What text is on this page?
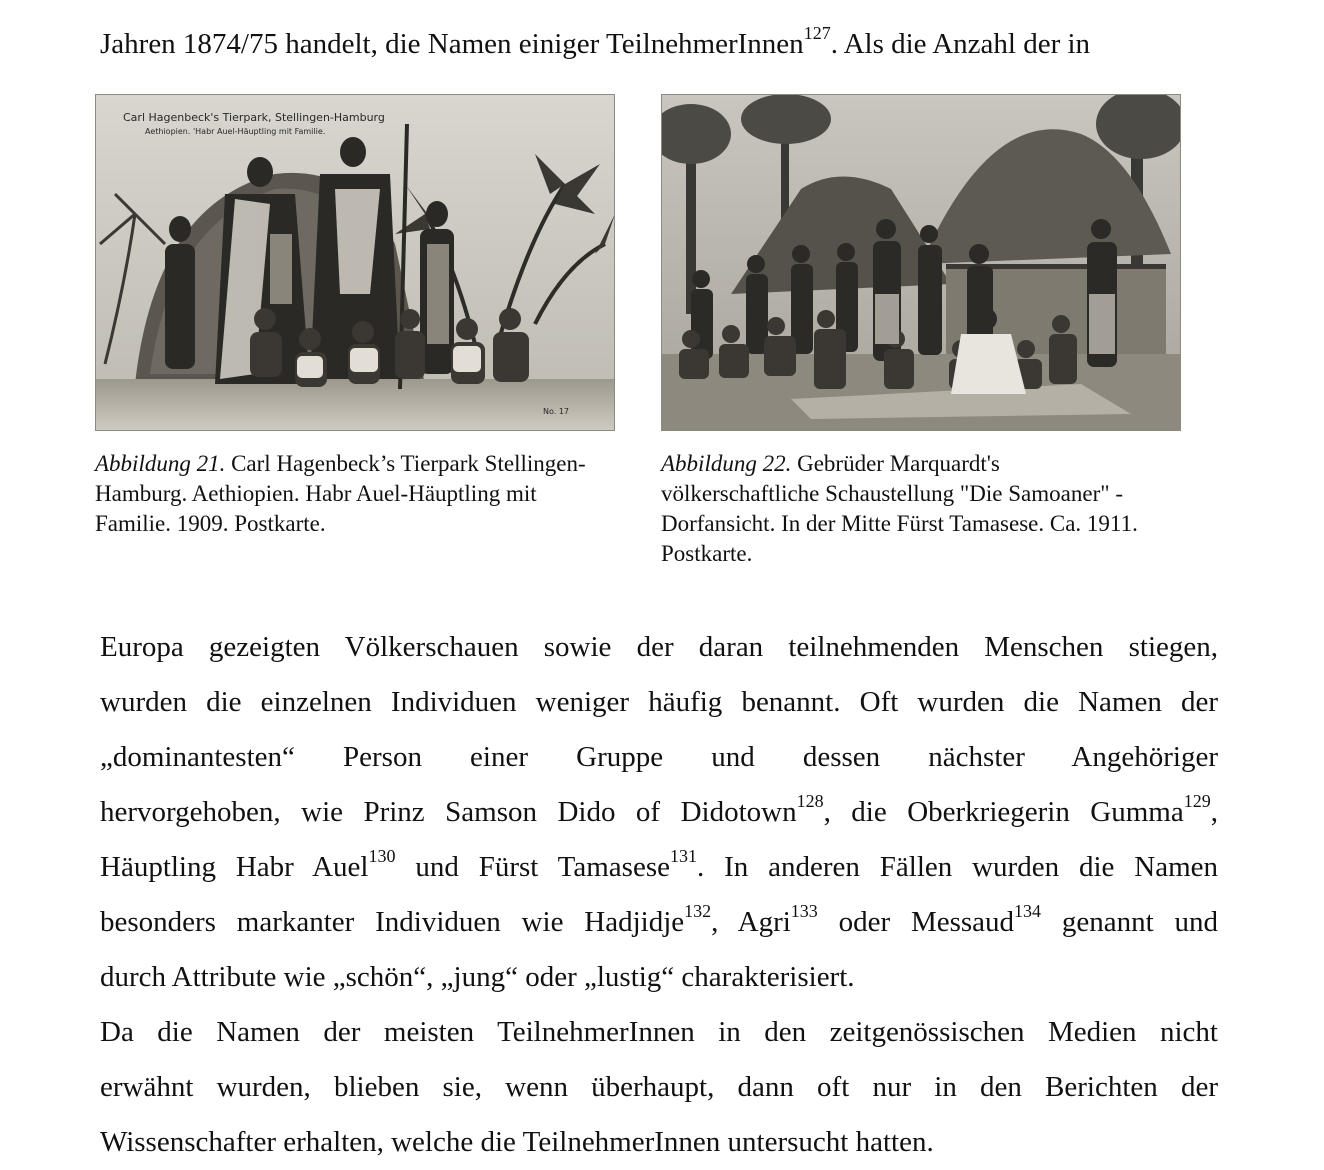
Jahren 1874/75 handelt, die Namen einiger TeilnehmerInnen$^{127}$. Als die Anzahl der in
Carl Hagenbeck's Tierpark, Stellingen-Hamburg
Aethiopien. 'Habr Auel-Häuptling mit Familie.
No. 17
Abbildung 21. Carl Hagenbeck’s Tierpark Stellingen-Hamburg. Aethiopien. Habr Auel-Häuptling mit Familie. 1909. Postkarte.
Abbildung 22. Gebrüder Marquardt's völkerschaftliche Schaustellung "Die Samoaner" - Dorfansicht. In der Mitte Fürst Tamasese. Ca. 1911. Postkarte.

Europa gezeigten Völkerschauen sowie der daran teilnehmenden Menschen stiegen,
wurden die einzelnen Individuen weniger häufig benannt. Oft wurden die Namen der
„dominantesten“ Person einer Gruppe und dessen nächster Angehöriger
hervorgehoben, wie Prinz Samson Dido of Didotown$^{128}$, die Oberkriegerin Gumma$^{129}$,
Häuptling Habr Auel$^{130}$ und Fürst Tamasese$^{131}$. In anderen Fällen wurden die Namen
besonders markanter Individuen wie Hadjidje$^{132}$, Agri$^{133}$ oder Messaud$^{134}$ genannt und
durch Attribute wie „schön“, „jung“ oder „lustig“ charakterisiert.

Da die Namen der meisten TeilnehmerInnen in den zeitgenössischen Medien nicht
erwähnt wurden, blieben sie, wenn überhaupt, dann oft nur in den Berichten der
Wissenschafter erhalten, welche die TeilnehmerInnen untersucht hatten.
